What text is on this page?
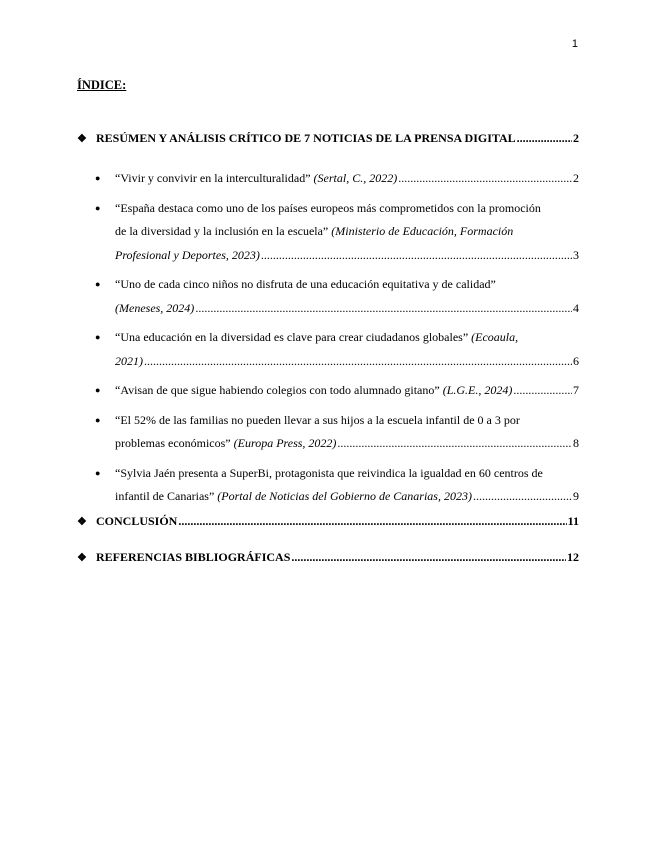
1
ÍNDICE:
❖ RESÚMEN Y ANÁLISIS CRÍTICO DE 7 NOTICIAS DE LA PRENSA DIGITAL .....	2
● “Vivir y convivir en la interculturalidad”
(Sertal, C., 2022) .....	2
● “España destaca como uno de los países europeos más comprometidos con la promoción
de la diversidad y la inclusión en la escuela” (Ministerio de Educación, Formación
Profesional y Deportes, 2023) .....	3
● “Uno de cada cinco niños no disfruta de una educación equitativa y de calidad”
(Meneses, 2024) .....	4
● “Una educación en la diversidad es clave para crear ciudadanos globales” (Ecoaula,
2021) .....	6
● “Avisan de que sigue habiendo colegios con todo alumnado gitano”
(L.G.E., 2024) .....	7
● “El 52% de las familias no pueden llevar a sus hijos a la escuela infantil de 0 a 3 por
problemas económicos”
(Europa Press, 2022) .....	8
● “Sylvia Jaén presenta a SuperBi, protagonista que reivindica la igualdad en 60 centros de
infantil de Canarias”
(Portal de Noticias del Gobierno de Canarias, 2023) .....	9
❖ CONCLUSIÓN .....	11
❖ REFERENCIAS BIBLIOGRÁFICAS .....	12
